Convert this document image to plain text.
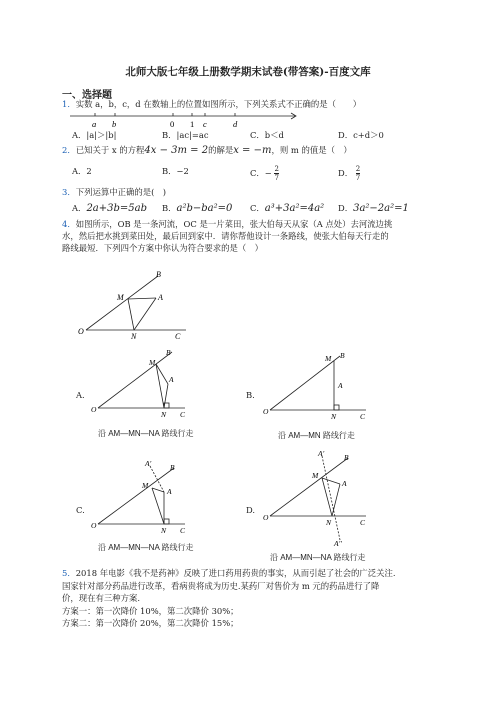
北师大版七年级上册数学期末试卷(带答案)-百度文库
一、选择题
1．实数 a，b，c，d 在数轴上的位置如图所示，下列关系式不正确的是（　　）
a b	0 1 c	d
A．|a|＞|b|	B．|ac|=ac	C．b＜d	D．c+d＞0
2．已知关于 x 的方程4x − 3m = 2的解是x = −m，则 m 的值是（　）
A．2	B．−2	C．− $\frac{2}{7}$	D． $\frac{2}{7}$
3．下列运算中正确的是(　)
A．2a+3b=5ab B．a²b−ba²=0 C．a³+3a²=4a² D．3a²−2a²=1
4．如图所示，OB 是一条河流，OC 是一片菜田，张大伯每天从家（A 点处）去河流边挑
水，然后把水挑到菜田处，最后回到家中．请你帮他设计一条路线，使张大伯每天行走的
路线最短．下列四个方案中你认为符合要求的是（　）
B
M	A
O
N	C
A.
B
M
A
O
N C
沿 AM—MN—NA 路线行走
B.
B
M
A
O
N	C
沿 AM—MN 路线行走
C.
A'	B
M
A
O
N C
沿 AM—MN—NA 路线行走
D.
A'	B
M
A
O
N	C
A''
沿 AM—MN—NA 路线行走
5．2018 年电影《我不是药神》反映了进口药用药贵的事实，从而引起了社会的广泛关注.
国家针对部分药品进行改革，看病贵将成为历史.某药厂对售价为 m 元的药品进行了降
价，现在有三种方案.
方案一：第一次降价 10%，第二次降价 30%；
方案二：第一次降价 20%，第二次降价 15%；
